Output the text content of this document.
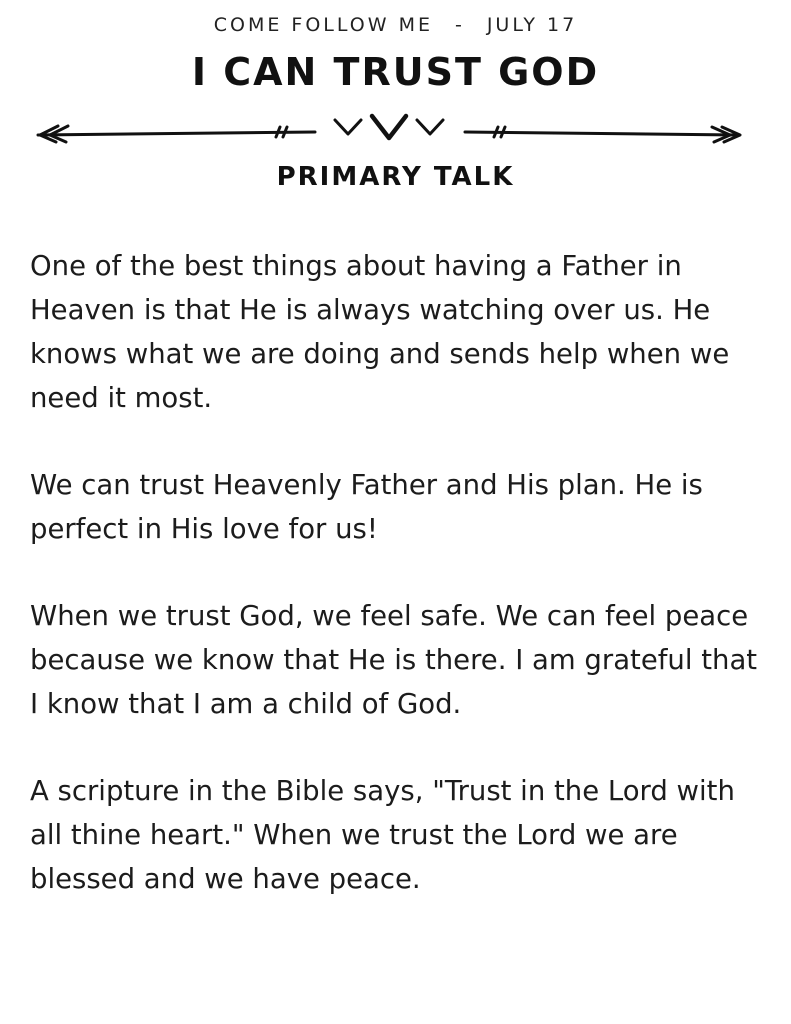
COME FOLLOW ME - JULY 17
I CAN TRUST GOD
PRIMARY TALK

One of the best things about having a Father in Heaven is that He is always watching over us. He knows what we are doing and sends help when we need it most.

We can trust Heavenly Father and His plan. He is perfect in His love for us!

When we trust God, we feel safe. We can feel peace because we know that He is there. I am grateful that I know that I am a child of God.

A scripture in the Bible says, "Trust in the Lord with all thine heart." When we trust the Lord we are blessed and we have peace.
